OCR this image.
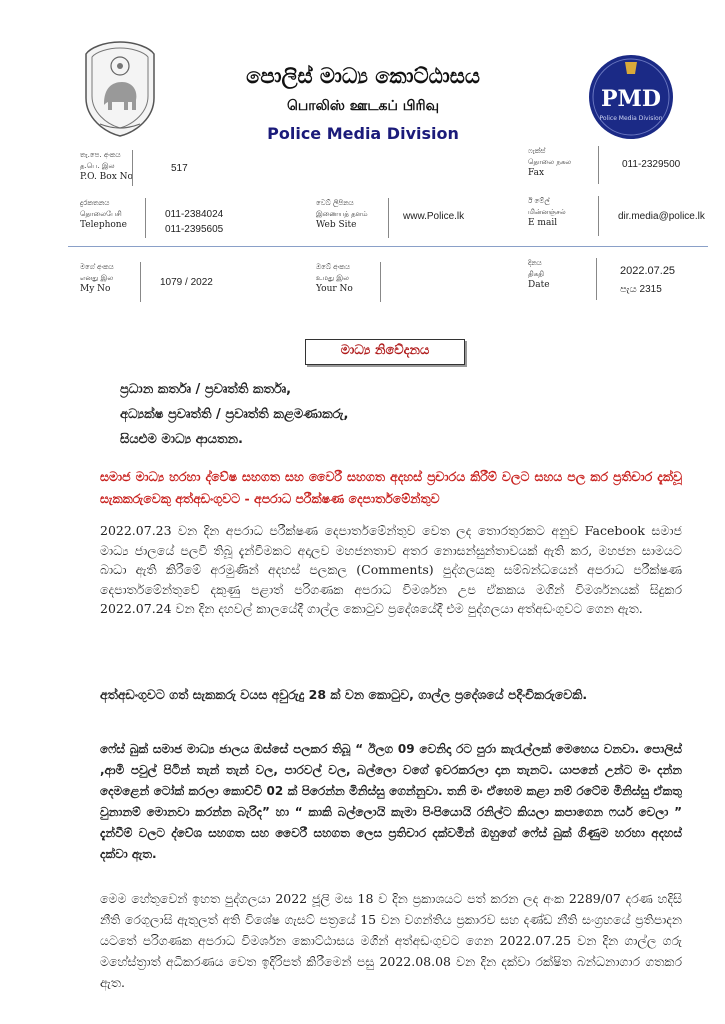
PMD
Police Media Division
පොලිස් මාධ්‍ය කොට්ඨාසය
பொலிஸ் ஊடகப் பிரிவு
Police Media Division
තැ.පෙ. අංකය
த.பெ. இல
P.O. Box No
517
ෆැක්ස්
தொலை நகல
Fax
011-2329500
දුරකතනය
தொலைபேசி
Telephone
011-2384024
011-2395605
වෙබ් ලිපිනය
இணையத் தளம்
Web Site
www.Police.lk
ඊ මේල්
மின்னஞ்சல்
E mail
dir.media@police.lk
මගේ අංකය
எனது இல
My No
1079 / 2022
ඔබේ අංකය
உமது இல
Your No
දිනය
திகதி
Date
2022.07.25
පැය 2315
මාධ්‍ය නිවේදනය
ප්‍රධාන කර්තෘ / ප්‍රවෘත්ති කර්තෘ,
අධ්‍යක්ෂ ප්‍රවෘත්ති / ප්‍රවෘත්ති කළමණාකරු,
සියළුම මාධ්‍ය ආයතන.
සමාජ මාධ්‍ය හරහා ද්වේෂ සහගත සහ වෛරී සහගත අදහස් ප්‍රචාරය කිරීම් වලට සහය පල කර ප්‍රතිචාර දැක්වූ සැකකරුවෙකු අත්අඩංගුවට - අපරාධ පරීක්ෂණ දෙපාර්තමේන්තුව
2022.07.23 වන දින අපරාධ පරීක්ෂණ දෙපාර්තමේන්තුව වෙත ලද තොරතුරකට අනුව Facebook සමාජ මාධ්‍ය ජාලයේ පලවී තිබූ දැන්වීමකට අදාලව මහජනතාව අතර නොසන්සුන්තාවයක් ඇති කර, මහජන සාමයට බාධා ඇති කිරීමේ අරමුණින් අදහස් පලකල (Comments) පුද්ගලයකු සම්බන්ධයෙන් අපරාධ පරීක්ෂණ දෙපාර්තමේන්තුවේ දකුණු පළාත් පරිගණක අපරාධ විමර්ශන උප ඒකකය මගින් විමර්ශනයක් සිදුකර 2022.07.24 වන දින දහවල් කාලයේදී ගාල්ල කොටුව ප්‍රදේශයේදී එම පුද්ගලයා අත්අඩංගුවට ගෙන ඇත.
අත්අඩංගුවට ගත් සැකකරු වයස අවුරුදු 28 ක් වන කොටුව, ගාල්ල ප්‍රදේශයේ පදිංචිකරුවෙකි.
ෆේස් බුක් සමාජ මාධ්‍ය ජාලය ඔස්සේ පලකර තිබූ “ ඊලග 09 වෙනිදා රට පුරා කැරැල්ලක් මෙහෙය වනවා. පොලිස් ,ආමි පවුල් පිටින් තැන් තැන් වල, පාරවල් වල, බල්ලො වගේ ඉවරකරලා දාන තැනට. යාපනේ උන්ට මං දන්න දෙමළෙන් ටෝක් කරලා කොච්චි 02 ක් පිරෙන්න මිනිස්සු ගෙන්නුවා. තනි මං ඒහෙම කළා නම් රටේම මිනිස්සු ඒකතු වුනානම් මොනවා කරන්න බැරිද” හා “ කාකි බල්ලොයි කැමා පිංපියොයි රනිල්ට කියලා කපාගෙන ෆයර් වෙලා ” දැන්වීම් වලට ද්වේශ සහගත සහ වෛරී සහගත ලෙස ප්‍රතිචාර දක්වමින් ඔහුගේ ෆේස් බුක් ගිණුම හරහා අදහස් දක්වා ඇත.
මෙම හේතුවෙන් ඉහත පුද්ගලයා 2022 ජූලි මස 18 ව දින ප්‍රකාශයට පත් කරන ලද අංක 2289/07 දරණ හදිසි නීති රෙගුලාසි ඇතුලත් අති විශේෂ ගැසට් පත්‍රයේ 15 වන වගන්තිය ප්‍රකාරව සහ දණ්ඩ නීති සංග්‍රහයේ ප්‍රතිපාදන යටතේ පරිගණක අපරාධ විමර්ශන කොට්ඨාසය මගින් අත්අඩංගුවට ගෙන 2022.07.25 වන දින ගාල්ල ගරු මහේස්ත්‍රාත් අධිකරණය වෙත ඉදිරිපත් කිරීමෙන් පසු 2022.08.08 වන දින දක්වා රක්ෂිත බන්ධනාගාර ගතකර ඇත.
